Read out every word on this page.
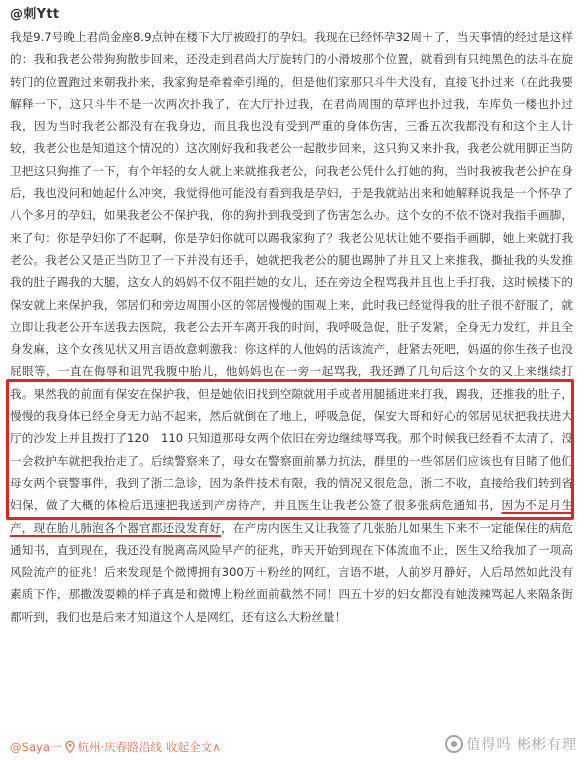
@刺Ytt
我是9.7号晚上君尚金座8.9点钟在楼下大厅被殴打的孕妇。我现在已经怀孕32周＋了，当天事情的经过是这样的：我和我老公带狗狗散步回来，还没走到君尚大厅旋转门的小滑坡那个位置，就看到有只纯黑色的法斗在旋转门的位置跑过来朝我扑来，我家狗是牵着牵引绳的，但是他们家那只斗牛犬没有，直接飞扑过来（在此我要解释一下，这只斗牛不是一次两次扑我了，在大厅扑过我，在君尚周围的草坪也扑过我，车库负一楼也扑过我，因为当时我老公都没有在我身边，而且我也没有受到严重的身体伤害，三番五次我都没有和这个主人计较，我老公也是知道这个情况的）这次刚好我和我老公一起散步回来，这只狗又来扑我，我老公就用脚正当防卫把这只狗推了一下，有个年轻的女人就上来就推我老公，问我老公凭什么打她的狗，当时我被我老公护在身后，我也没问和她起什么冲突，我觉得他可能没有看到我是孕妇，于是我就站出来和她解释说我是一个怀孕了八个多月的孕妇，如果我老公不保护我，你的狗扑到我受到了伤害怎么办。这个女的不依不饶对我指手画脚，来了句：你是孕妇你了不起啊，你是孕妇你就可以踢我家狗了？我老公见状让她不要指手画脚，她上来就打我老公。我老公又是正当防卫了一下并没有还手，她就把我老公的腿也踢肿了并且又上来推我，撕扯我的头发推我的肚子踢我的大腿，这女人的妈妈不仅不阻拦她的女儿，还在旁边全程骂我并且也上手打我，这时候楼下的保安就上来保护我，邻居们和旁边周围小区的邻居慢慢的围观上来，此时我已经觉得我的肚子很不舒服了，就立即让我老公开车送我去医院，我老公去开车离开我的时间，我呼吸急促，肚子发紧，全身无力发红，并且全身发麻，这个女孩见状又用言语故意刺激我：你这样的人他妈的活该流产，赶紧去死吧，妈逼的你生孩子也没屁眼等，一直在侮辱和诅咒我腹中胎儿，他妈妈也在一旁一起骂我，我还蹲了几句后这个女的又上来继续打我。果然我的前面有保安在保护我，但是她依旧找到空隙就用手或者用腿插进来打我，踢我，还推我的肚子，慢慢的我身体已经全身无力站不起来，然后就倒在了地上，呼吸急促，保安大哥和好心的邻居见状把我扶进大厅的沙发上并且拨打了120　110 只知道那母女两个依旧在旁边继续辱骂我。那个时候我已经看不太清了，没一会救护车就把我抬走了。后续警察来了，母女在警察面前暴力抗法，群里的一些邻居们应该也有目睹了他们母女两个衰警事件，我到了浙二急诊，因为条件技术有限，我的情况又很危急，浙二不收，直接给我们转到省妇保，做了大概的体检后迅速把我送到产房待产，并且医生让我老公签了很多张病危通知书，因为不足月生产，现在胎儿肺泡各个器官都还没发育好，在产房内医生又让我签了几张胎儿如果生下来不一定能保住的病危通知书，直到现在，我还没有脱离高风险早产的征兆，昨天开始到现在下体流血不止，医生又给我加了一项高风险流产的征兆！后来发现是个微博拥有300万＋粉丝的网红，言语不堪，人前岁月静好，人后昂然如此没有素质下作，那撒泼耍赖的样子真是和微博上粉丝面前截然不同！四五十岁的妇女都没有她泼辣骂起人来隔条街都听到，我们也是后来才知道这个人是网红，还有这么大粉丝量！
@Saya一 杭州·庆春路沿线 收起全文∧	值得吗 彬彬有理
